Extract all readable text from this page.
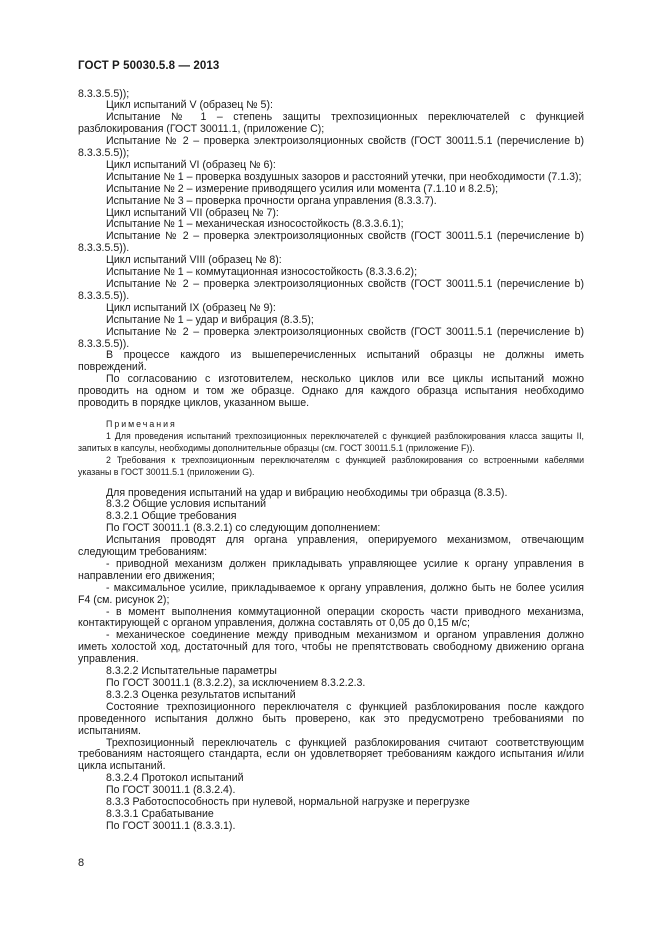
ГОСТ Р 50030.5.8 — 2013

8.3.3.5.5));

Цикл испытаний V (образец № 5):

Испытание № 1 – степень защиты трехпозиционных переключателей с функцией разблокирования (ГОСТ 30011.1, (приложение С);

Испытание № 2 – проверка электроизоляционных свойств (ГОСТ 30011.5.1 (перечисление b) 8.3.3.5.5));

Цикл испытаний VI (образец № 6):

Испытание № 1 – проверка воздушных зазоров и расстояний утечки, при необходимости (7.1.3);

Испытание № 2 – измерение приводящего усилия или момента (7.1.10 и 8.2.5);

Испытание № 3 – проверка прочности органа управления (8.3.3.7).

Цикл испытаний VII (образец № 7):

Испытание № 1 – механическая износостойкость (8.3.3.6.1);

Испытание № 2 – проверка электроизоляционных свойств (ГОСТ 30011.5.1 (перечисление b) 8.3.3.5.5)).

Цикл испытаний VIII (образец № 8):

Испытание № 1 – коммутационная износостойкость (8.3.3.6.2);

Испытание № 2 – проверка электроизоляционных свойств (ГОСТ 30011.5.1 (перечисление b) 8.3.3.5.5)).

Цикл испытаний IX (образец № 9):

Испытание № 1 – удар и вибрация (8.3.5);

Испытание № 2 – проверка электроизоляционных свойств (ГОСТ 30011.5.1 (перечисление b) 8.3.3.5.5)).

В процессе каждого из вышеперечисленных испытаний образцы не должны иметь повреждений.

По согласованию с изготовителем, несколько циклов или все циклы испытаний можно проводить на одном и том же образце. Однако для каждого образца испытания необходимо проводить в порядке циклов, указанном выше.

Примечания

1 Для проведения испытаний трехпозиционных переключателей с функцией разблокирования класса защиты II, запитых в капсулы, необходимы дополнительные образцы (см. ГОСТ 30011.5.1 (приложение F)).

2 Требования к трехпозиционным переключателям с функцией разблокирования со встроенными кабелями указаны в ГОСТ 30011.5.1 (приложении G).

Для проведения испытаний на удар и вибрацию необходимы три образца (8.3.5).

8.3.2 Общие условия испытаний

8.3.2.1 Общие требования

По ГОСТ 30011.1 (8.3.2.1) со следующим дополнением:

Испытания проводят для органа управления, оперируемого механизмом, отвечающим следующим требованиям:

- приводной механизм должен прикладывать управляющее усилие к органу управления в направлении его движения;

- максимальное усилие, прикладываемое к органу управления, должно быть не более усилия F4 (см. рисунок 2);

- в момент выполнения коммутационной операции скорость части приводного механизма, контактирующей с органом управления, должна составлять от 0,05 до 0,15 м/с;

- механическое соединение между приводным механизмом и органом управления должно иметь холостой ход, достаточный для того, чтобы не препятствовать свободному движению органа управления.

8.3.2.2 Испытательные параметры

По ГОСТ 30011.1 (8.3.2.2), за исключением 8.3.2.2.3.

8.3.2.3 Оценка результатов испытаний

Состояние трехпозиционного переключателя с функцией разблокирования после каждого проведенного испытания должно быть проверено, как это предусмотрено требованиями по испытаниям.

Трехпозиционный переключатель с функцией разблокирования считают соответствующим требованиям настоящего стандарта, если он удовлетворяет требованиям каждого испытания и/или цикла испытаний.

8.3.2.4 Протокол испытаний

По ГОСТ 30011.1 (8.3.2.4).

8.3.3 Работоспособность при нулевой, нормальной нагрузке и перегрузке

8.3.3.1 Срабатывание

По ГОСТ 30011.1 (8.3.3.1).

8
